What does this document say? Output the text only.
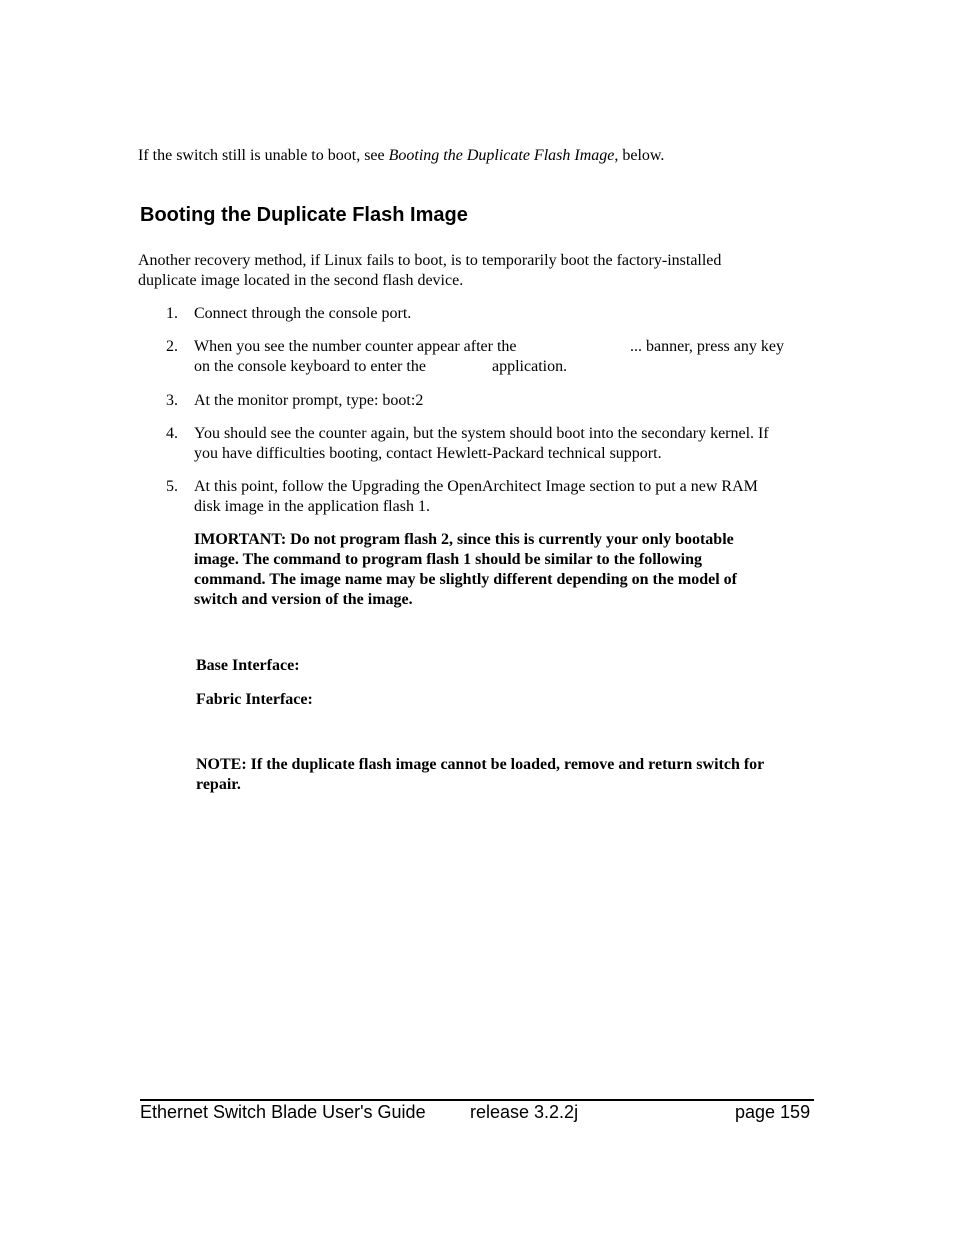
If the switch still is unable to boot, see Booting the Duplicate Flash Image, below.

Booting the Duplicate Flash Image
Another recovery method, if Linux fails to boot, is to temporarily boot the factory-installed
duplicate image located in the second flash device.
1.	Connect through the console port.
2.	When you see the number counter appear after the	... banner, press any key
on the console keyboard to enter the	application.
3.	At the monitor prompt, type: boot:2
4.	You should see the counter again, but the system should boot into the secondary kernel. If
you have difficulties booting, contact Hewlett-Packard technical support.
5.	At this point, follow the Upgrading the OpenArchitect Image section to put a new RAM
disk image in the application flash 1.
IMORTANT: Do not program flash 2, since this is currently your only bootable
image. The command to program flash 1 should be similar to the following
command. The image name may be slightly different depending on the model of
switch and version of the image.
Base Interface:
Fabric Interface:
NOTE: If the duplicate flash image cannot be loaded, remove and return switch for
repair.
Ethernet Switch Blade User's Guide release 3.2.2j	page 159
